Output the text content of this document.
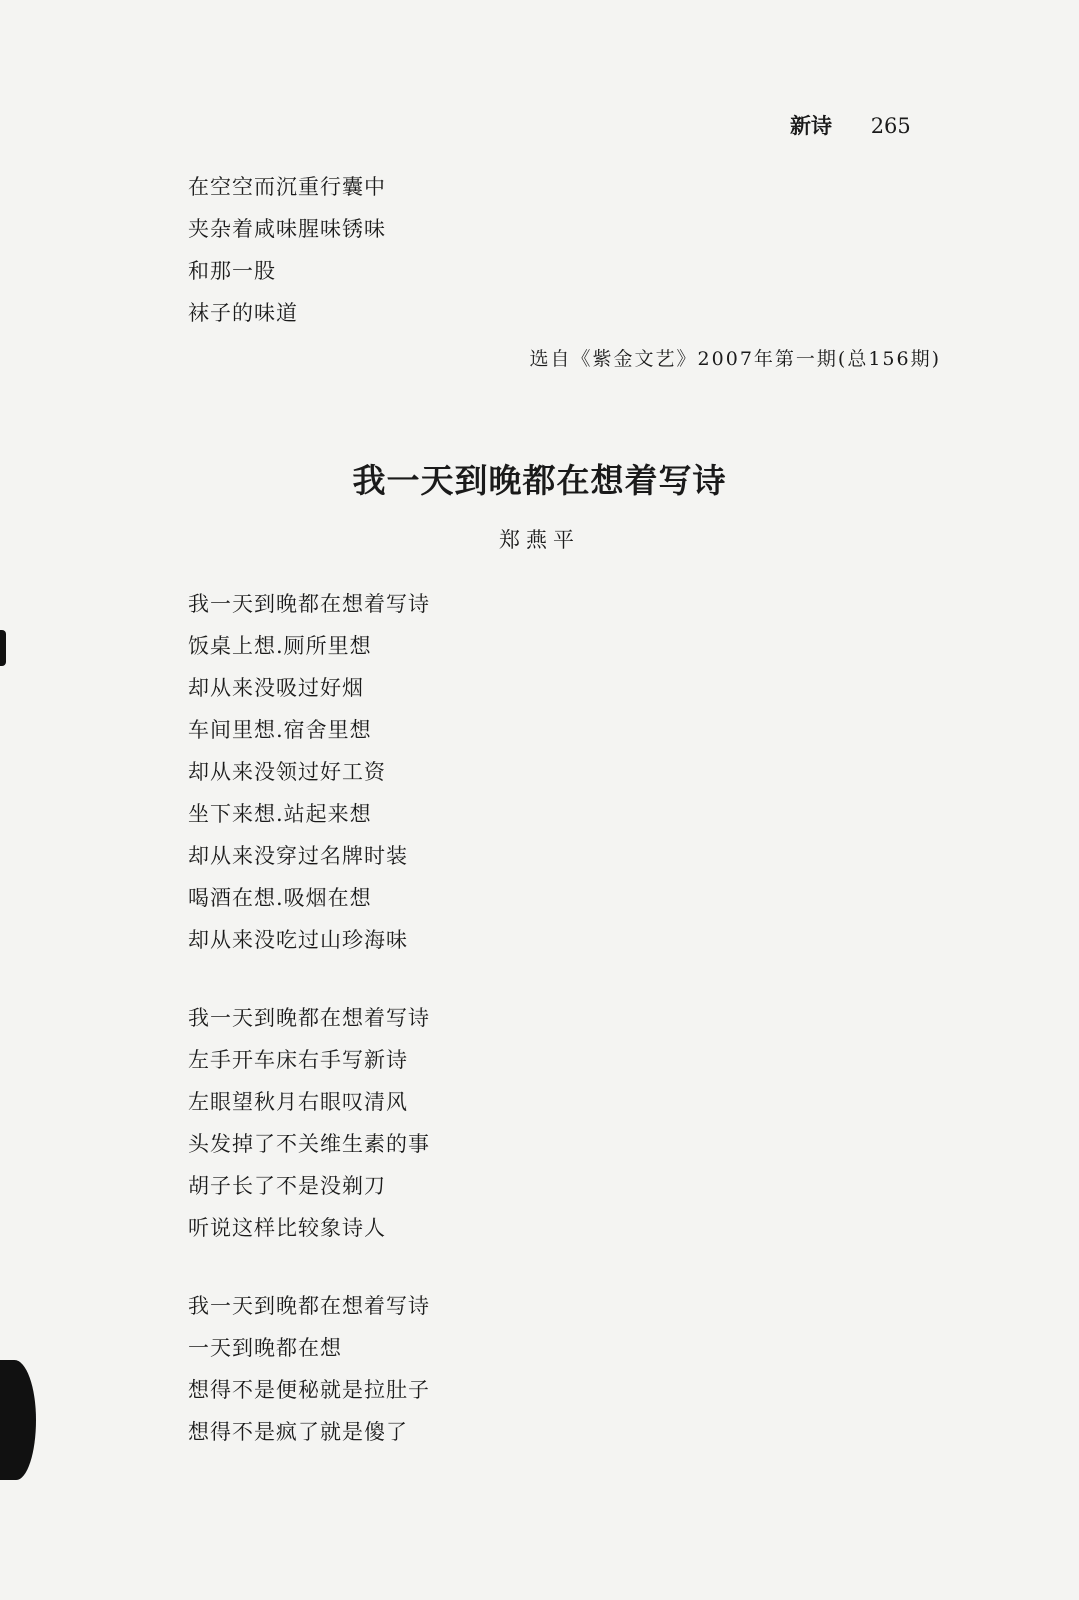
新诗 265
在空空而沉重行囊中
夹杂着咸味腥味锈味
和那一股
袜子的味道
选自《紫金文艺》2007年第一期(总156期)
我一天到晚都在想着写诗
郑燕平
我一天到晚都在想着写诗
饭桌上想.厕所里想
却从来没吸过好烟
车间里想.宿舍里想
却从来没领过好工资
坐下来想.站起来想
却从来没穿过名牌时装
喝酒在想.吸烟在想
却从来没吃过山珍海味
我一天到晚都在想着写诗
左手开车床右手写新诗
左眼望秋月右眼叹清风
头发掉了不关维生素的事
胡子长了不是没剃刀
听说这样比较象诗人
我一天到晚都在想着写诗
一天到晚都在想
想得不是便秘就是拉肚子
想得不是疯了就是傻了
